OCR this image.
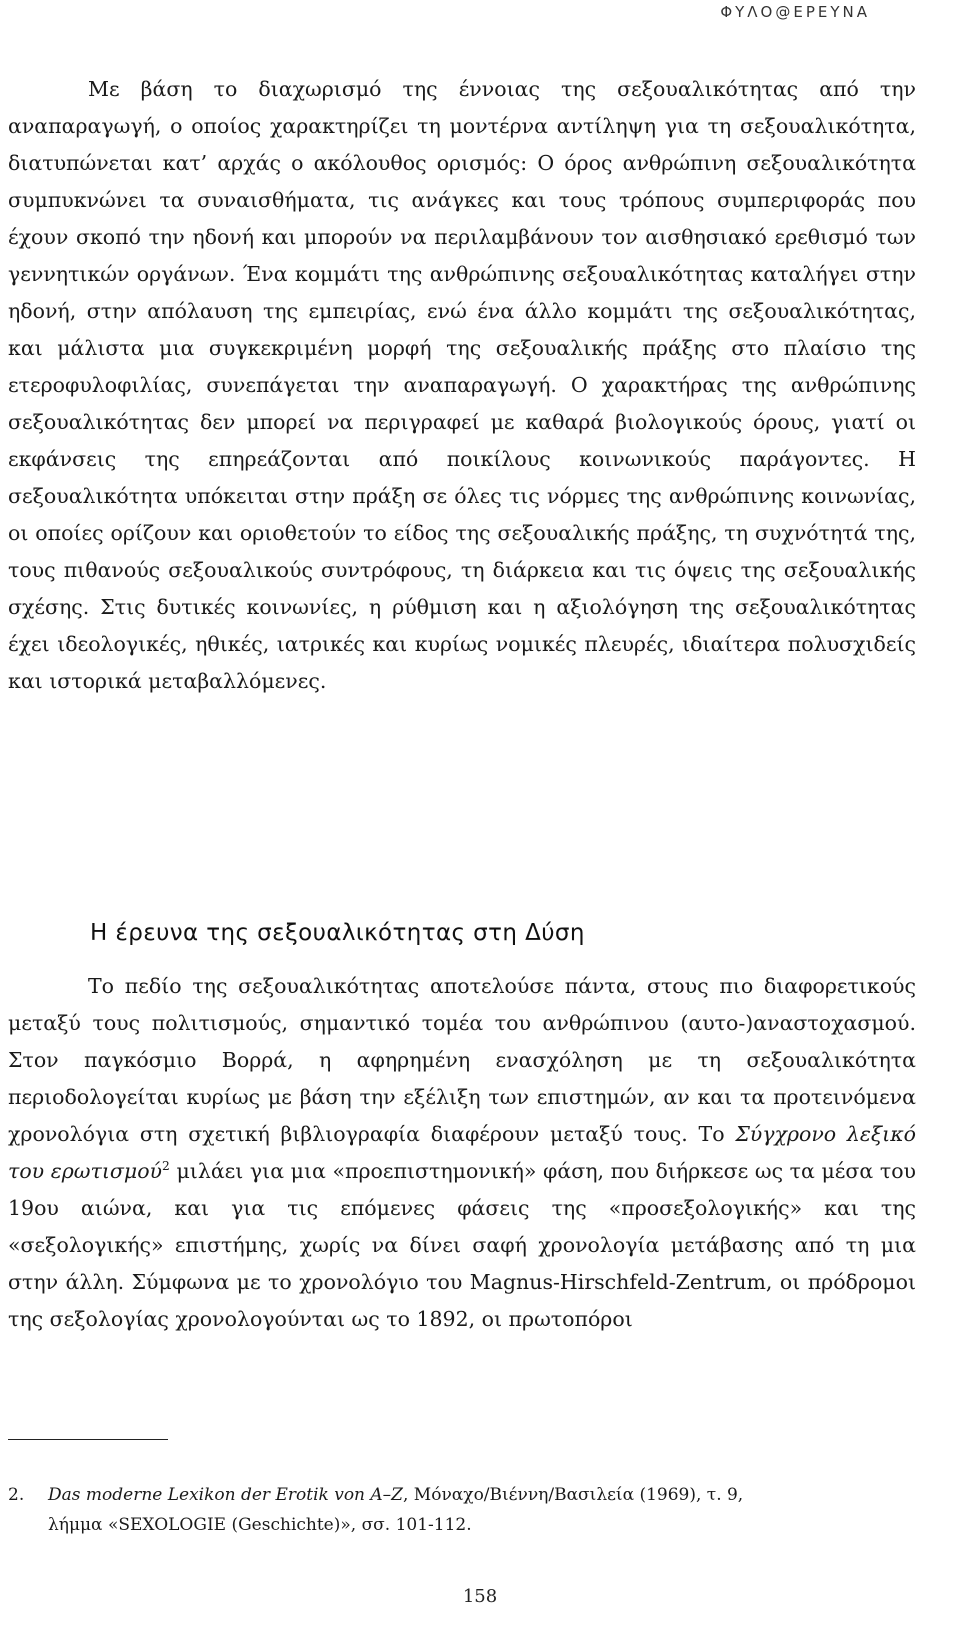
ΦΥΛΟ@ΕΡΕΥΝΑ

Με βάση το διαχωρισμό της έννοιας της σεξουαλικότητας από την αναπαραγωγή, ο οποίος χαρακτηρίζει τη μοντέρνα αντίληψη για τη σεξουαλικότητα, διατυπώνεται κατ’ αρχάς ο ακόλουθος ορισμός: Ο όρος ανθρώπινη σεξουαλικότητα συμπυκνώνει τα συναισθήματα, τις ανάγκες και τους τρόπους συμπεριφοράς που έχουν σκοπό την ηδονή και μπορούν να περιλαμβάνουν τον αισθησιακό ερεθισμό των γεννητικών οργάνων. Ένα κομμάτι της ανθρώπινης σεξουαλικότητας καταλήγει στην ηδονή, στην απόλαυση της εμπειρίας, ενώ ένα άλλο κομμάτι της σεξουαλικότητας, και μάλιστα μια συγκεκριμένη μορφή της σεξουαλικής πράξης στο πλαίσιο της ετεροφυλοφιλίας, συνεπάγεται την αναπαραγωγή. Ο χαρακτήρας της ανθρώπινης σεξουαλικότητας δεν μπορεί να περιγραφεί με καθαρά βιολογικούς όρους, γιατί οι εκφάνσεις της επηρεάζονται από ποικίλους κοινωνικούς παράγοντες. Η σεξουαλικότητα υπόκειται στην πράξη σε όλες τις νόρμες της ανθρώπινης κοινωνίας, οι οποίες ορίζουν και οριοθετούν το είδος της σεξουαλικής πράξης, τη συχνότητά της, τους πιθανούς σεξουαλικούς συντρόφους, τη διάρκεια και τις όψεις της σεξουαλικής σχέσης. Στις δυτικές κοινωνίες, η ρύθμιση και η αξιολόγηση της σεξουαλικότητας έχει ιδεολογικές, ηθικές, ιατρικές και κυρίως νομικές πλευρές, ιδιαίτερα πολυσχιδείς και ιστορικά μεταβαλλόμενες.

Η έρευνα της σεξουαλικότητας στη Δύση

Το πεδίο της σεξουαλικότητας αποτελούσε πάντα, στους πιο διαφορετικούς μεταξύ τους πολιτισμούς, σημαντικό τομέα του ανθρώπινου (αυτο-)αναστοχασμού. Στον παγκόσμιο Βορρά, η αφηρημένη ενασχόληση με τη σεξουαλικότητα περιοδολογείται κυρίως με βάση την εξέλιξη των επιστημών, αν και τα προτεινόμενα χρονολόγια στη σχετική βιβλιογραφία διαφέρουν μεταξύ τους. Το Σύγχρονο λεξικό του ερωτισμού$^2$ μιλάει για μια «προεπιστημονική» φάση, που διήρκεσε ως τα μέσα του 19ου αιώνα, και για τις επόμενες φάσεις της «προσεξολογικής» και της «σεξολογικής» επιστήμης, χωρίς να δίνει σαφή χρονολογία μετάβασης από τη μια στην άλλη. Σύμφωνα με το χρονολόγιο του Magnus-Hirschfeld-Zentrum, οι πρόδρομοι της σεξολογίας χρονολογούνται ως το 1892, οι πρωτοπόροι

2. Das moderne Lexikon der Erotik von A–Z, Μόναχο/Βιέννη/Βασιλεία (1969), τ. 9,
λήμμα «SEXOLOGIE (Geschichte)», σσ. 101-112.
158
